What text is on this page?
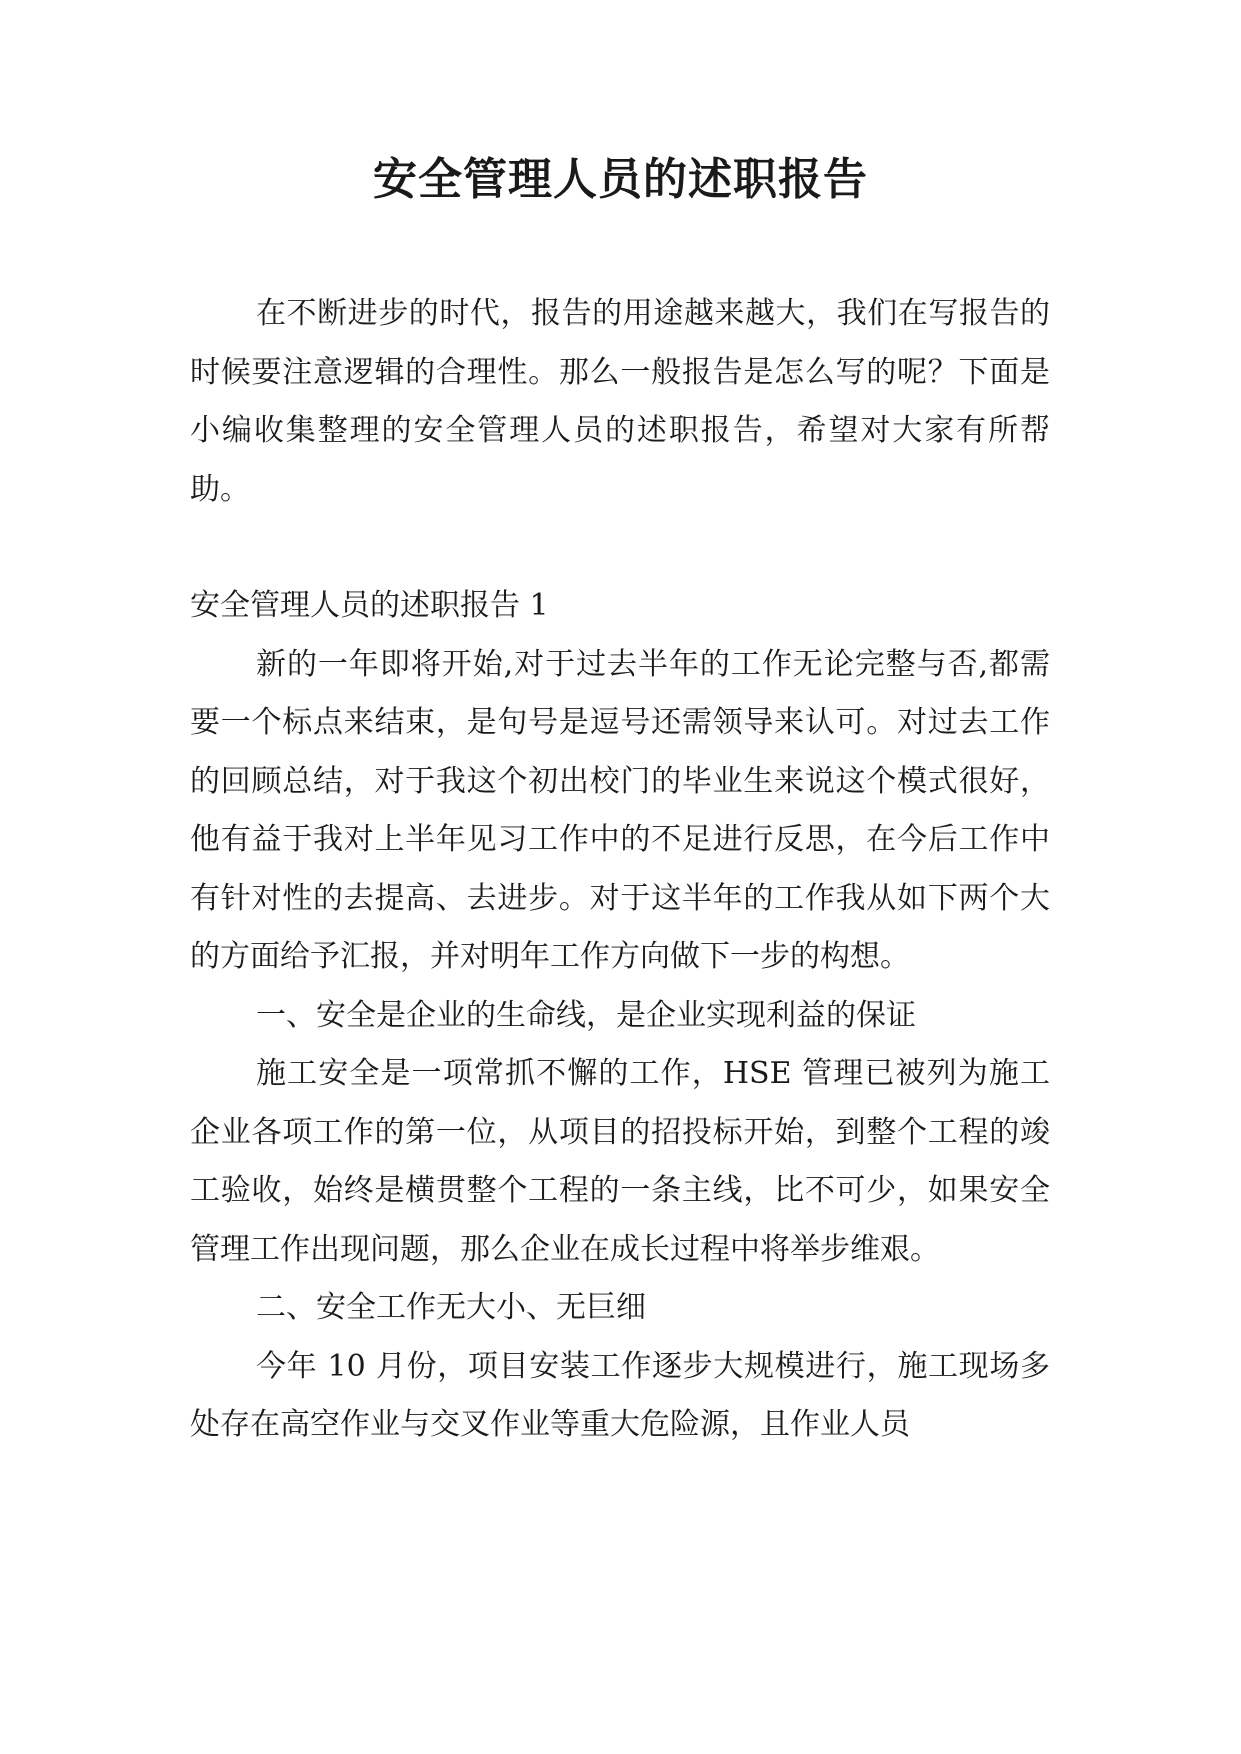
安全管理人员的述职报告

在不断进步的时代，报告的用途越来越大，我们在写报告的时候要注意逻辑的合理性。那么一般报告是怎么写的呢？下面是小编收集整理的安全管理人员的述职报告，希望对大家有所帮助。

安全管理人员的述职报告 1

新的一年即将开始,对于过去半年的工作无论完整与否,都需要一个标点来结束，是句号是逗号还需领导来认可。对过去工作的回顾总结，对于我这个初出校门的毕业生来说这个模式很好，他有益于我对上半年见习工作中的不足进行反思，在今后工作中有针对性的去提高、去进步。对于这半年的工作我从如下两个大的方面给予汇报，并对明年工作方向做下一步的构想。

一、安全是企业的生命线，是企业实现利益的保证

施工安全是一项常抓不懈的工作，HSE 管理已被列为施工企业各项工作的第一位，从项目的招投标开始，到整个工程的竣工验收，始终是横贯整个工程的一条主线，比不可少，如果安全管理工作出现问题，那么企业在成长过程中将举步维艰。

二、安全工作无大小、无巨细

今年 10 月份，项目安装工作逐步大规模进行，施工现场多处存在高空作业与交叉作业等重大危险源，且作业人员
